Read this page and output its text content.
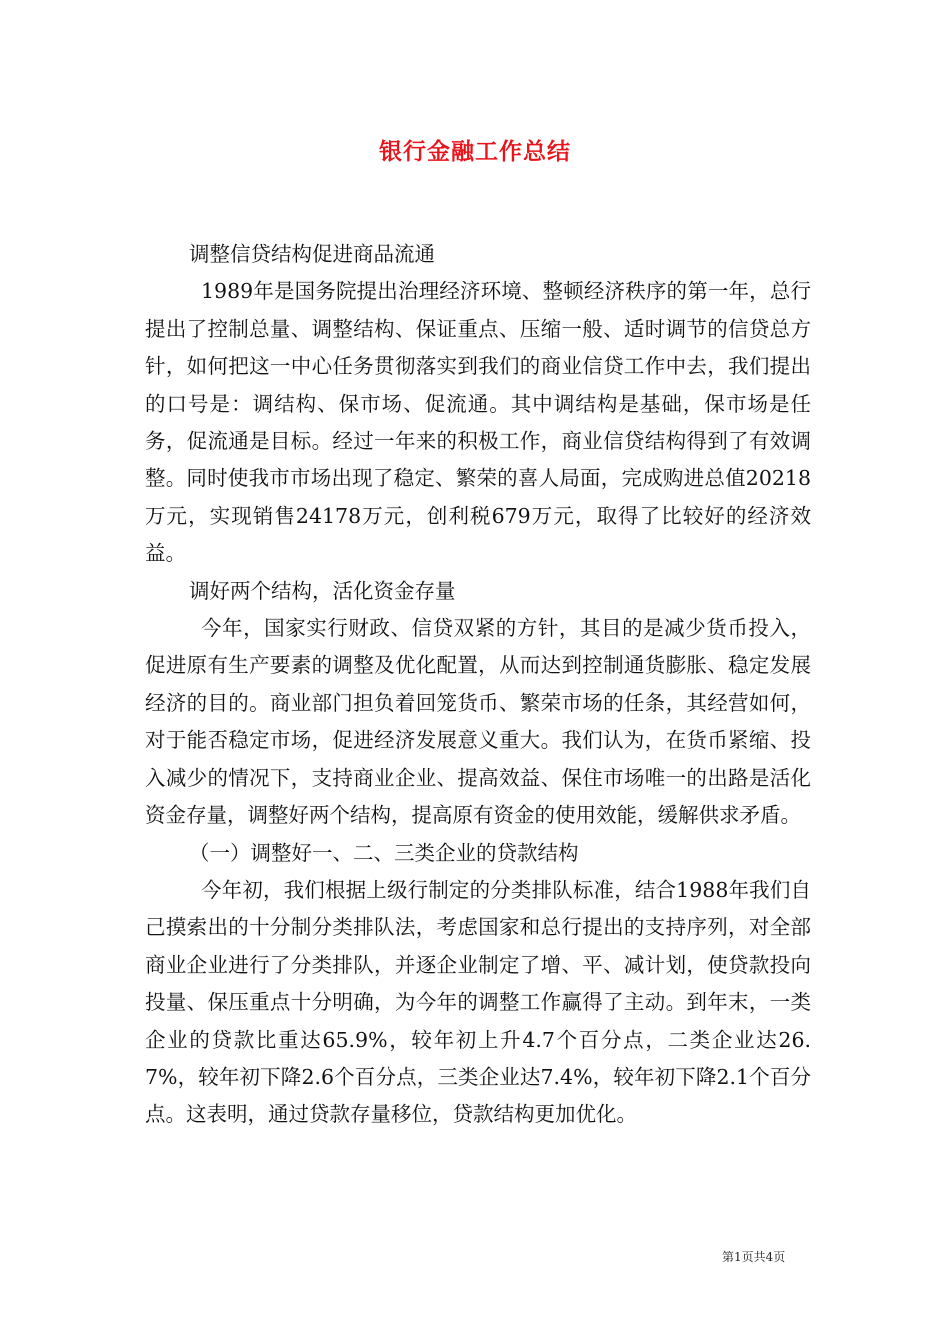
银行金融工作总结

调整信贷结构促进商品流通

1989年是国务院提出治理经济环境、整顿经济秩序的第一年，总行提出了控制总量、调整结构、保证重点、压缩一般、适时调节的信贷总方针，如何把这一中心任务贯彻落实到我们的商业信贷工作中去，我们提出的口号是：调结构、保市场、促流通。其中调结构是基础，保市场是任务，促流通是目标。经过一年来的积极工作，商业信贷结构得到了有效调整。同时使我市市场出现了稳定、繁荣的喜人局面，完成购进总值20218万元，实现销售24178万元，创利税679万元，取得了比较好的经济效益。

调好两个结构，活化资金存量

今年，国家实行财政、信贷双紧的方针，其目的是减少货币投入，促进原有生产要素的调整及优化配置，从而达到控制通货膨胀、稳定发展经济的目的。商业部门担负着回笼货币、繁荣市场的任条，其经营如何，对于能否稳定市场，促进经济发展意义重大。我们认为，在货币紧缩、投入减少的情况下，支持商业企业、提高效益、保住市场唯一的出路是活化资金存量，调整好两个结构，提高原有资金的使用效能，缓解供求矛盾。

（一）调整好一、二、三类企业的贷款结构

今年初，我们根据上级行制定的分类排队标准，结合1988年我们自己摸索出的十分制分类排队法，考虑国家和总行提出的支持序列，对全部商业企业进行了分类排队，并逐企业制定了增、平、减计划，使贷款投向投量、保压重点十分明确，为今年的调整工作赢得了主动。到年末，一类企业的贷款比重达65.9%，较年初上升4.7个百分点，二类企业达26.7%，较年初下降2.6个百分点，三类企业达7.4%，较年初下降2.1个百分点。这表明，通过贷款存量移位，贷款结构更加优化。

第1页共4页
